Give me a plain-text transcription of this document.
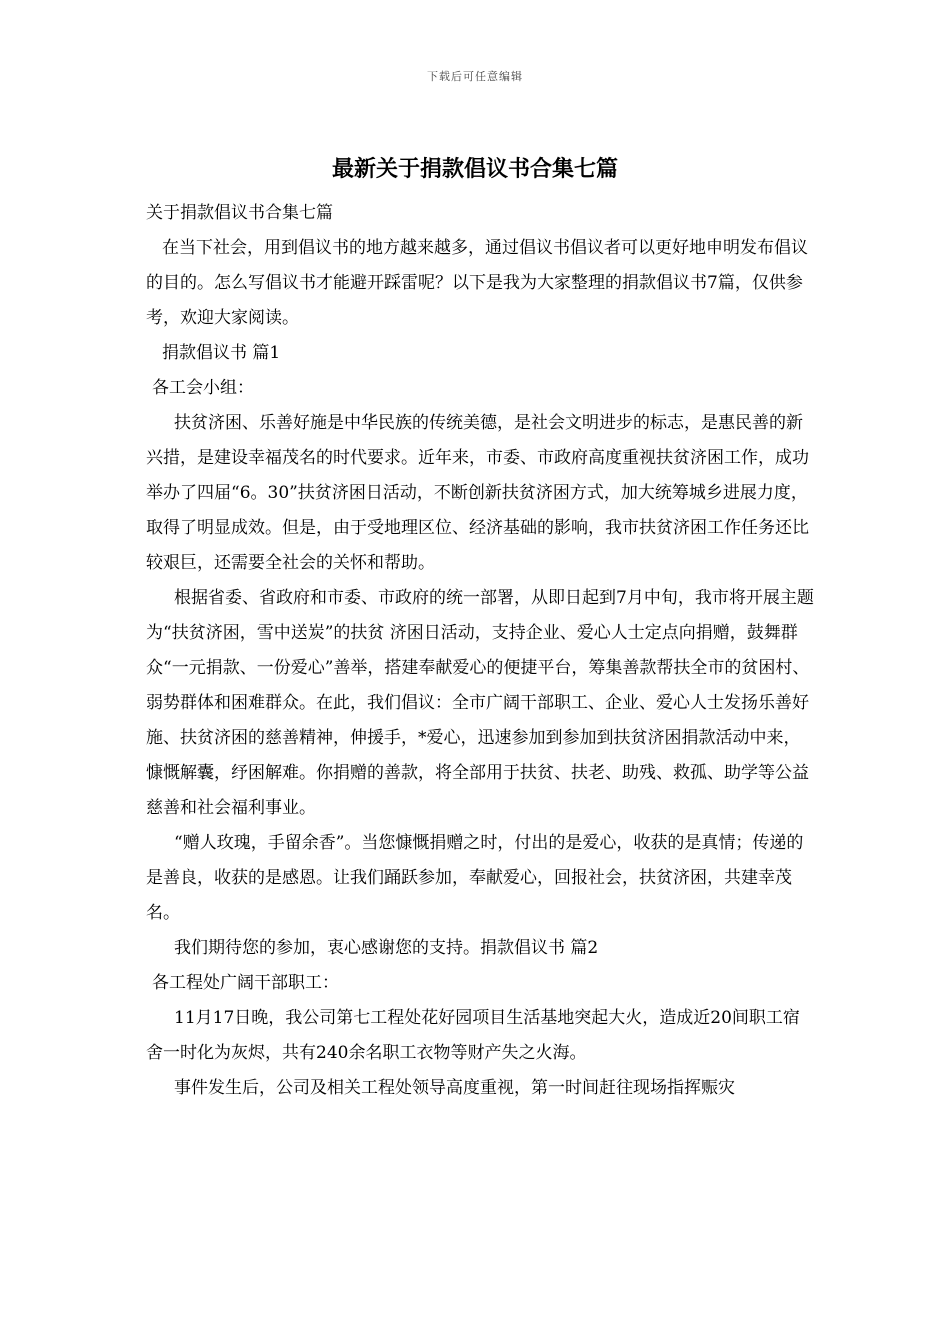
下载后可任意编辑
最新关于捐款倡议书合集七篇

关于捐款倡议书合集七篇

在当下社会，用到倡议书的地方越来越多，通过倡议书倡议者可以更好地申明发布倡议的目的。怎么写倡议书才能避开踩雷呢？以下是我为大家整理的捐款倡议书7篇，仅供参考，欢迎大家阅读。

捐款倡议书 篇1

各工会小组：

扶贫济困、乐善好施是中华民族的传统美德，是社会文明进步的标志，是惠民善的新兴措，是建设幸福茂名的时代要求。近年来，市委、市政府高度重视扶贫济困工作，成功举办了四届“6。30”扶贫济困日活动，不断创新扶贫济困方式，加大统筹城乡进展力度，取得了明显成效。但是，由于受地理区位、经济基础的影响，我市扶贫济困工作任务还比较艰巨，还需要全社会的关怀和帮助。

根据省委、省政府和市委、市政府的统一部署，从即日起到7月中旬，我市将开展主题为“扶贫济困，雪中送炭”的扶贫 济困日活动，支持企业、爱心人士定点向捐赠，鼓舞群众“一元捐款、一份爱心”善举，搭建奉献爱心的便捷平台，筹集善款帮扶全市的贫困村、弱势群体和困难群众。在此，我们倡议：全市广阔干部职工、企业、爱心人士发扬乐善好施、扶贫济困的慈善精神，伸援手，*爱心，迅速参加到参加到扶贫济困捐款活动中来，慷慨解囊，纾困解难。你捐赠的善款，将全部用于扶贫、扶老、助残、救孤、助学等公益慈善和社会福利事业。

“赠人玫瑰，手留余香”。当您慷慨捐赠之时，付出的是爱心，收获的是真情；传递的是善良，收获的是感恩。让我们踊跃参加，奉献爱心，回报社会，扶贫济困，共建幸茂名。

我们期待您的参加，衷心感谢您的支持。捐款倡议书 篇2

各工程处广阔干部职工：

11月17日晚，我公司第七工程处花好园项目生活基地突起大火，造成近20间职工宿舍一时化为灰烬，共有240余名职工衣物等财产失之火海。

事件发生后，公司及相关工程处领导高度重视，第一时间赶往现场指挥赈灾
